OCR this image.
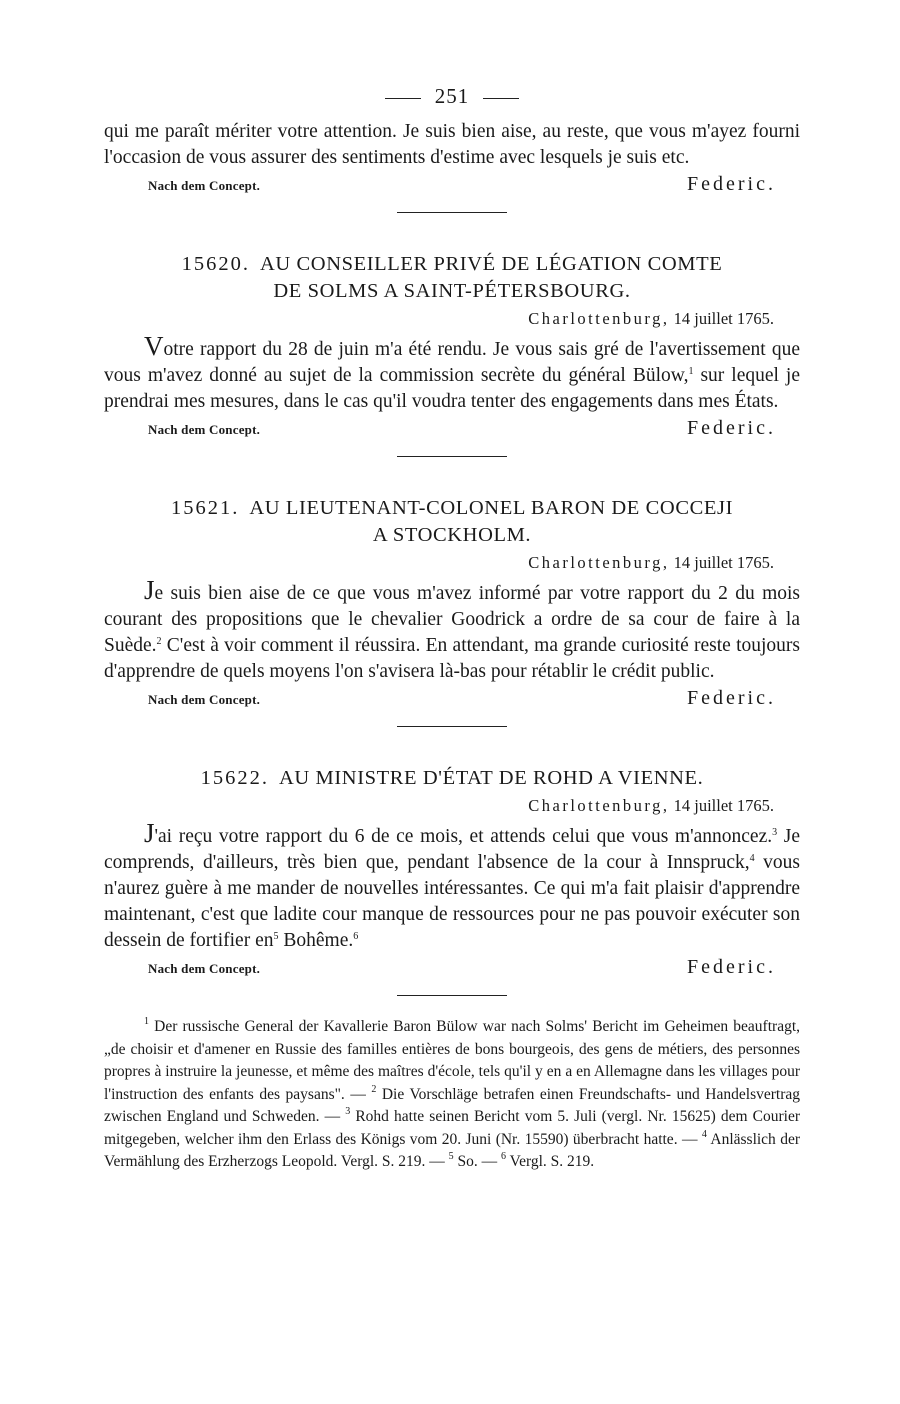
251

qui me paraît mériter votre attention. Je suis bien aise, au reste, que vous m'ayez fourni l'occasion de vous assurer des sentiments d'estime avec lesquels je suis etc.

Nach dem Concept.	Federic.

15620. AU CONSEILLER PRIVÉ DE LÉGATION COMTE
DE SOLMS A SAINT-PÉTERSBOURG.

Charlottenburg, 14 juillet 1765.

Votre rapport du 28 de juin m'a été rendu. Je vous sais gré de l'avertissement que vous m'avez donné au sujet de la commission secrète du général Bülow,$^1$ sur lequel je prendrai mes mesures, dans le cas qu'il voudra tenter des engagements dans mes États.

Nach dem Concept.	Federic.

15621. AU LIEUTENANT-COLONEL BARON DE COCCEJI
A STOCKHOLM.

Charlottenburg, 14 juillet 1765.

Je suis bien aise de ce que vous m'avez informé par votre rapport du 2 du mois courant des propositions que le chevalier Goodrick a ordre de sa cour de faire à la Suède.$^2$ C'est à voir comment il réussira. En attendant, ma grande curiosité reste toujours d'apprendre de quels moyens l'on s'avisera là-bas pour rétablir le crédit public.

Nach dem Concept.	Federic.

15622. AU MINISTRE D'ÉTAT DE ROHD A VIENNE.

Charlottenburg, 14 juillet 1765.

J'ai reçu votre rapport du 6 de ce mois, et attends celui que vous m'annoncez.$^3$ Je comprends, d'ailleurs, très bien que, pendant l'absence de la cour à Innspruck,$^4$ vous n'aurez guère à me mander de nouvelles intéressantes. Ce qui m'a fait plaisir d'apprendre maintenant, c'est que ladite cour manque de ressources pour ne pas pouvoir exécuter son dessein de fortifier $en^5$ Bohême.$^6$

Nach dem Concept.	Federic.
$^1$ Der russische General der Kavallerie Baron Bülow war nach Solms' Bericht im Geheimen beauftragt, „de choisir et d'amener en Russie des familles entières de bons bourgeois, des gens de métiers, des personnes propres à instruire la jeunesse, et même des maîtres d'école, tels qu'il y en a en Allemagne dans les villages pour l'instruction des enfants des paysans". — $^2$ Die Vorschläge betrafen einen Freundschafts- und Handelsvertrag zwischen England und Schweden. — $^3$ Rohd hatte seinen Bericht vom 5. Juli (vergl. Nr. 15625) dem Courier mitgegeben, welcher ihm den Erlass des Königs vom 20. Juni (Nr. 15590) überbracht hatte. — $^4$ Anlässlich der Vermählung des Erzherzogs Leopold. Vergl. S. 219. — $^5$ So. — $^6$ Vergl. S. 219.
